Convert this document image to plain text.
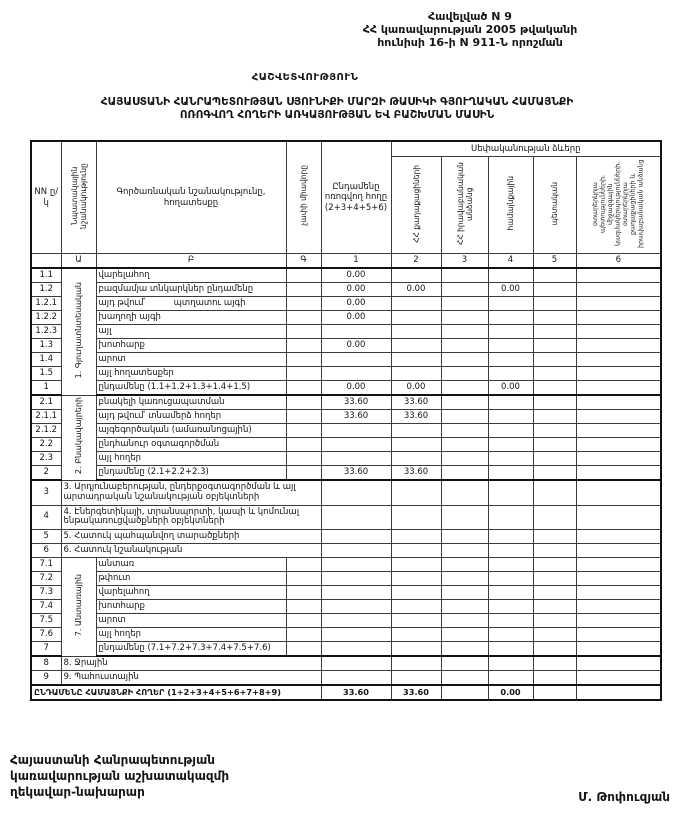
Հավելված N 9
ՀՀ կառավարության 2005 թվականի
հունիսի 16-ի N 911-Ն որոշման
ՀԱՇՎԵՏՎՈՒԹՅՈՒՆ
ՀԱՅԱՍՏԱՆԻ ՀԱՆՐԱՊԵՏՈՒԹՅԱՆ ՍՅՈՒՆԻՔԻ ՄԱՐԶԻ ԹԱՍԻԿԻ ԳՅՈՒՂԱԿԱՆ ՀԱՄԱՅՆՔԻ
ՈՌՈԳՎՈՂ ՀՈՂԵՐԻ ԱՌԿԱՅՈՒԹՅԱՆ ԵՎ ԲԱՇԽՄԱՆ ՄԱՍԻՆ
NN ը/կ	Նպատակային նշանակությունը	Գործառնական նշանակությունը, հողատեսքը	չափի միավորը	Ընդամենը ոռոգվող հողը (2+3+4+5+6)	Սեփականության ձևերը				
					ՀՀ քաղաքացիների	ՀՀ իրավաբանական անձանց	համայնքային	պետական	օտարերկրյա պետությունների, միջազգային կազմակերպությունների, օտարերկրյա քաղաքացիների և իրավաբանական անձանց
	Ա	Բ	Գ	1	2	3	4	5	6
1.1	1. Գյուղատնտեսական	վարելահող		0.00					
1.2		բազմամյա տնկարկներ ընդամենը		0.00	0.00		0.00		
1.2.1		այդ թվում՝ պտղատու այգի		0.00					
1.2.2		խաղողի այգի		0.00					
1.2.3		այլ							
1.3		խոտհարք		0.00					
1.4		արոտ							
1.5		այլ հողատեսքեր							
1		ընդամենը (1.1+1.2+1.3+1.4+1.5)		0.00	0.00		0.00		
2.1	2. Բնակավայրերի	բնակելի կառուցապատման		33.60	33.60				
2.1.1		այդ թվում՝ տնամերձ հողեր		33.60	33.60				
2.1.2		այգեգործական (ամառանոցային)							
2.2		ընդհանուր օգտագործման							
2.3		այլ հողեր							
2		ընդամենը (2.1+2.2+2.3)		33.60	33.60				
3	3. Արդյունաբերության, ընդերքօգտագործման և այլ արտադրական նշանակության օբյեկտների								
4	4. Էներգետիկայի, տրանսպորտի, կապի և կոմունալ ենթակառուցվածքների օբյեկտների								
5	5. Հատուկ պահպանվող տարածքների								
6	6. Հատուկ նշանակության								
7.1	7. Անտառային	անտառ							
7.2		թփուտ							
7.3		վարելահող							
7.4		խոտհարք							
7.5		արոտ							
7.6		այլ հողեր							
7		ընդամենը (7.1+7.2+7.3+7.4+7.5+7.6)							
8	8. Ջրային								
9	9. Պահուստային								
ԸՆԴԱՄԵՆԸ ՀԱՄԱՅՆՔԻ ՀՈՂԵՐ (1+2+3+4+5+6+7+8+9)				33.60	33.60		0.00		
Հայաստանի Հանրապետության
կառավարության աշխատակազմի
ղեկավար-նախարար	Մ. Թոփուզյան
